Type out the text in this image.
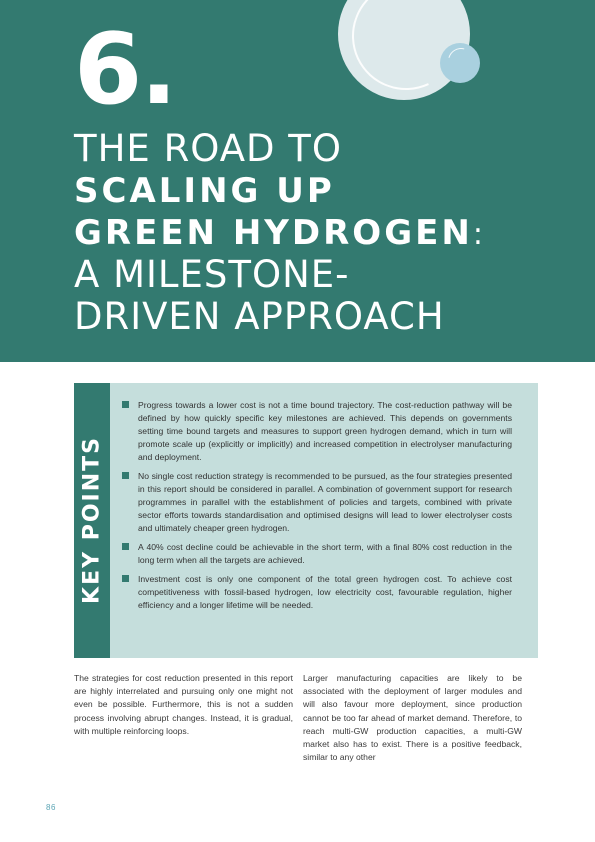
6.
THE ROAD TO
SCALING UP
GREEN HYDROGEN:
A MILESTONE-
DRIVEN APPROACH
KEY POINTS
Progress towards a lower cost is not a time bound trajectory. The cost-reduction pathway will be defined by how quickly specific key milestones are achieved. This depends on governments setting time bound targets and measures to support green hydrogen demand, which in turn will promote scale up (explicitly or implicitly) and increased competition in electrolyser manufacturing and deployment.
No single cost reduction strategy is recommended to be pursued, as the four strategies presented in this report should be considered in parallel. A combination of government support for research programmes in parallel with the establishment of policies and targets, combined with private sector efforts towards standardisation and optimised designs will lead to lower electrolyser costs and ultimately cheaper green hydrogen.
A 40% cost decline could be achievable in the short term, with a final 80% cost reduction in the long term when all the targets are achieved.
Investment cost is only one component of the total green hydrogen cost. To achieve cost competitiveness with fossil-based hydrogen, low electricity cost, favourable regulation, higher efficiency and a longer lifetime will be needed.
The strategies for cost reduction presented in this report are highly interrelated and pursuing only one might not even be possible. Furthermore, this is not a sudden process involving abrupt changes. Instead, it is gradual, with multiple reinforcing loops.
Larger manufacturing capacities are likely to be associated with the deployment of larger modules and will also favour more deployment, since production cannot be too far ahead of market demand. Therefore, to reach multi-GW production capacities, a multi-GW market also has to exist. There is a positive feedback, similar to any other
86
